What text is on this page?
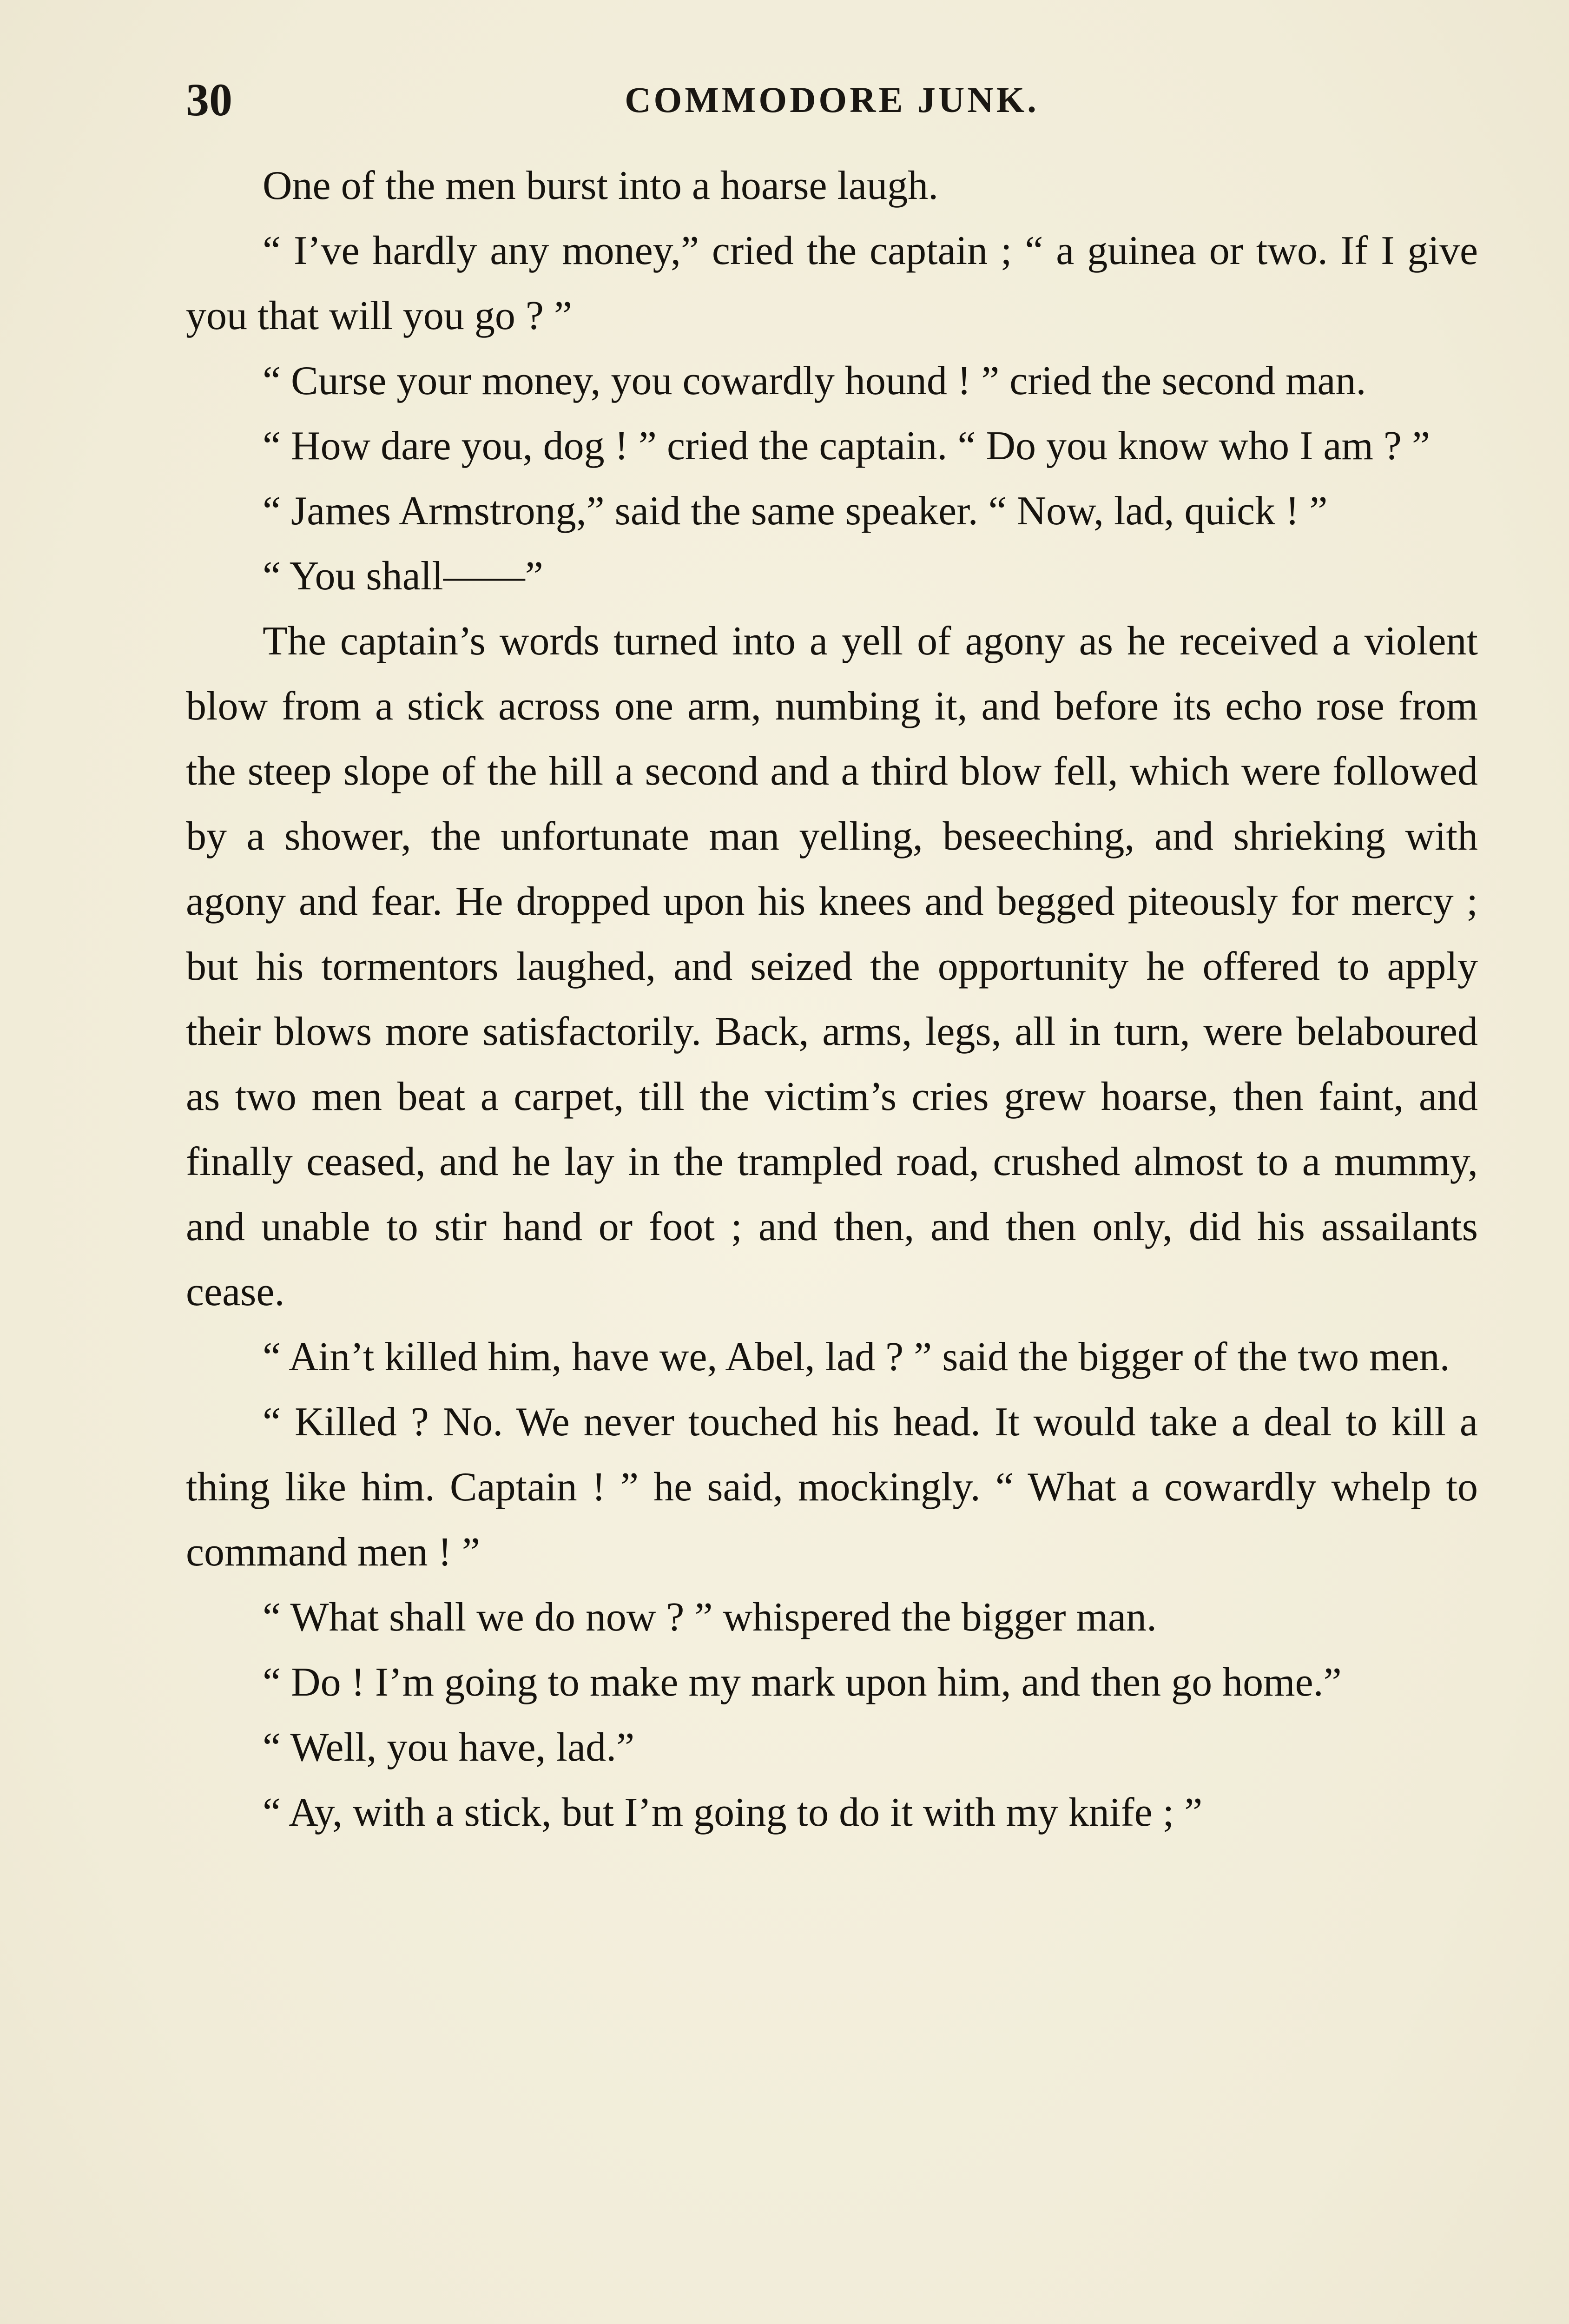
30	COMMODORE JUNK.

One of the men burst into a hoarse laugh.

“ I’ve hardly any money,” cried the captain ; “ a guinea or two. If I give you that will you go ? ”

“ Curse your money, you cowardly hound ! ” cried the second man.

“ How dare you, dog ! ” cried the captain. “ Do you know who I am ? ”

“ James Armstrong,” said the same speaker. “ Now, lad, quick ! ”

“ You shall——”

The captain’s words turned into a yell of agony as he received a violent blow from a stick across one arm, numbing it, and before its echo rose from the steep slope of the hill a second and a third blow fell, which were followed by a shower, the unfortunate man yelling, beseeching, and shrieking with agony and fear. He dropped upon his knees and begged piteously for mercy ; but his tormentors laughed, and seized the opportunity he offered to apply their blows more satisfactorily. Back, arms, legs, all in turn, were belaboured as two men beat a carpet, till the victim’s cries grew hoarse, then faint, and finally ceased, and he lay in the trampled road, crushed almost to a mummy, and unable to stir hand or foot ; and then, and then only, did his assailants cease.

“ Ain’t killed him, have we, Abel, lad ? ” said the bigger of the two men.

“ Killed ? No. We never touched his head. It would take a deal to kill a thing like him. Captain ! ” he said, mockingly. “ What a cowardly whelp to command men ! ”

“ What shall we do now ? ” whispered the bigger man.

“ Do ! I’m going to make my mark upon him, and then go home.”

“ Well, you have, lad.”

“ Ay, with a stick, but I’m going to do it with my knife ; ”
